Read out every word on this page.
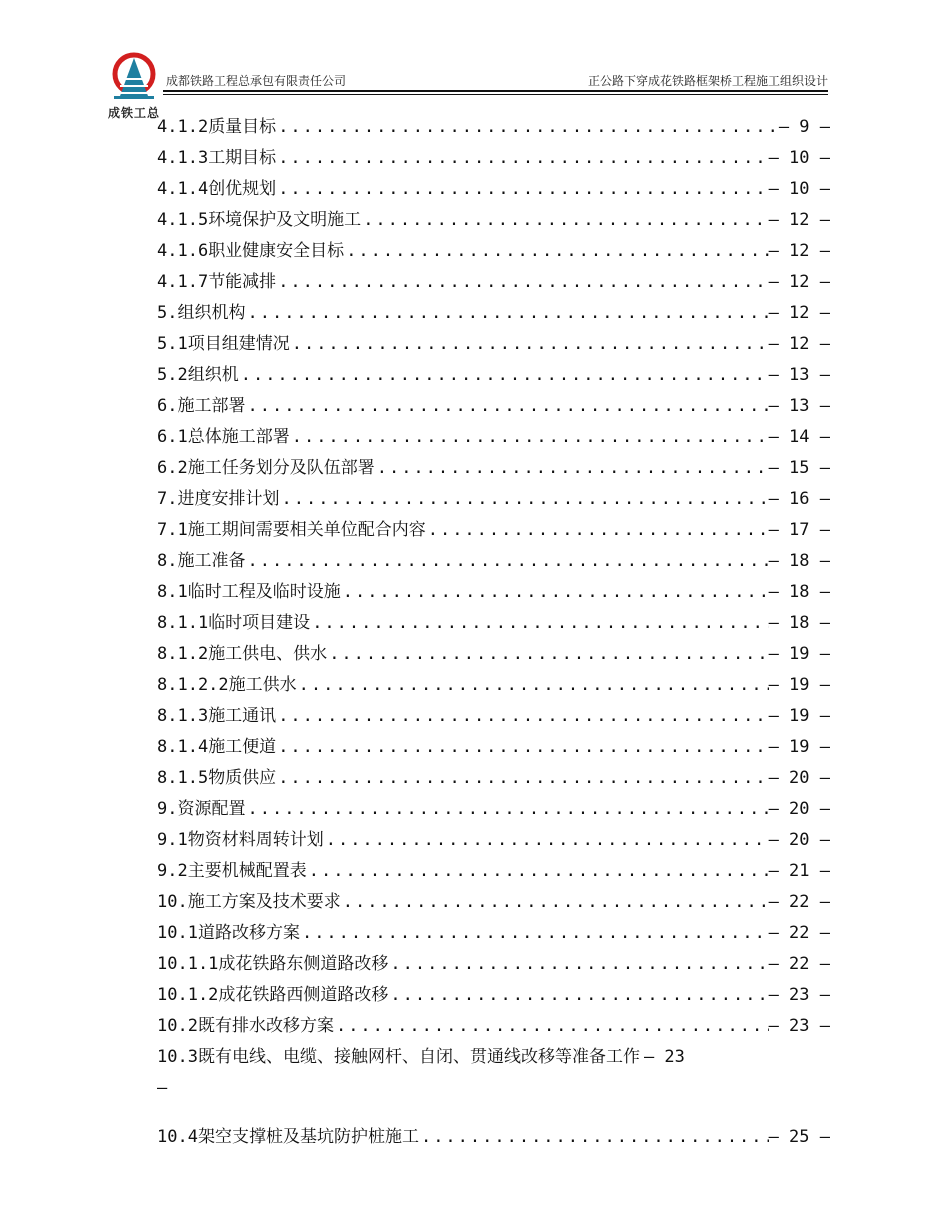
成铁工总
成都铁路工程总承包有限责任公司	正公路下穿成花铁路框架桥工程施工组织设计
4.1.2 质量目标 .....	– 9 –
4.1.3 工期目标 .....	– 10 –
4.1.4 创优规划 .....	– 10 –
4.1.5 环境保护及文明施工 .....	– 12 –
4.1.6 职业健康安全目标 .....	– 12 –
4.1.7 节能减排 .....	– 12 –
5. 组织机构 .....	– 12 –
5.1 项目组建情况 .....	– 12 –
5.2 组织机 .....	– 13 –
6. 施工部署 .....	– 13 –
6.1 总体施工部署 .....	– 14 –
6.2 施工任务划分及队伍部署 .....	– 15 –
7. 进度安排计划 .....	– 16 –
7.1 施工期间需要相关单位配合内容 .....	– 17 –
8. 施工准备 .....	– 18 –
8.1 临时工程及临时设施 .....	– 18 –
8.1.1 临时项目建设 .....	– 18 –
8.1.2 施工供电、供水 .....	– 19 –
8.1.2.2 施工供水 .....	– 19 –
8.1.3 施工通讯 .....	– 19 –
8.1.4 施工便道 .....	– 19 –
8.1.5 物质供应 .....	– 20 –
9. 资源配置 .....	– 20 –
9.1 物资材料周转计划 .....	– 20 –
9.2 主要机械配置表 .....	– 21 –
10. 施工方案及技术要求 .....	– 22 –
10.1 道路改移方案 .....	– 22 –
10.1.1 成花铁路东侧道路改移 .....	– 22 –
10.1.2 成花铁路西侧道路改移 .....	– 23 –
10.2 既有排水改移方案 .....	– 23 –
10.3 既有电线、电缆、接触网杆、自闭、贯通线改移等准备工作 – 23
–
10.4 架空支撑桩及基坑防护桩施工 .....	– 25 –
